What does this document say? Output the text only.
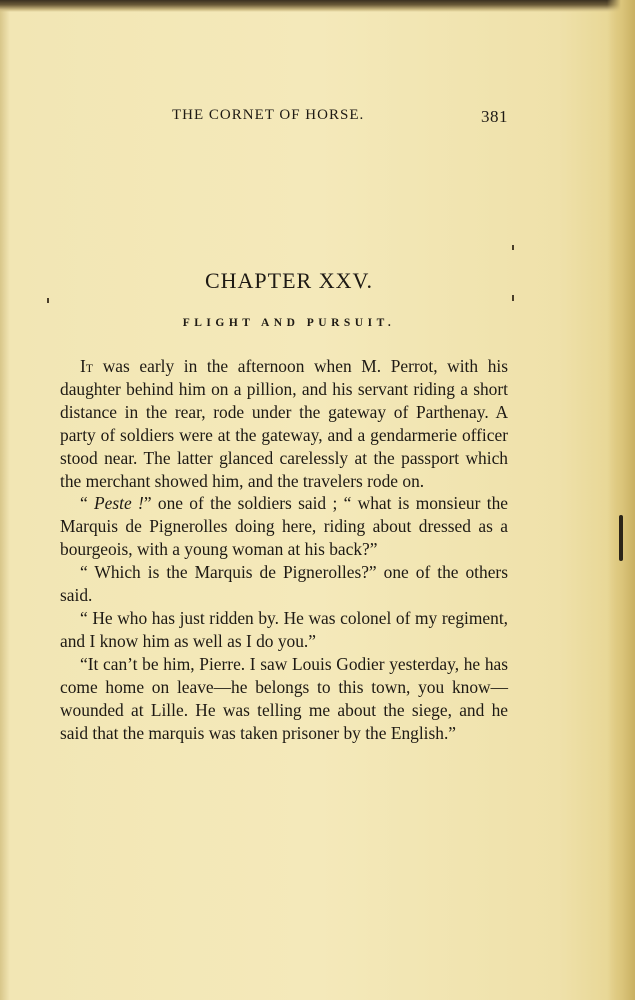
THE CORNET OF HORSE.	381
CHAPTER XXV.
FLIGHT AND PURSUIT.

It was early in the afternoon when M. Perrot, with his daughter behind him on a pillion, and his servant riding a short distance in the rear, rode under the gateway of Parthenay. A party of soldiers were at the gateway, and a gendarmerie officer stood near. The latter glanced carelessly at the passport which the merchant showed him, and the travelers rode on.

“ Peste !” one of the soldiers said ; “ what is monsieur the Marquis de Pignerolles doing here, riding about dressed as a bourgeois, with a young woman at his back?”

“ Which is the Marquis de Pignerolles?” one of the others said.

“ He who has just ridden by. He was colonel of my regiment, and I know him as well as I do you.”

“It can’t be him, Pierre. I saw Louis Godier yesterday, he has come home on leave—he belongs to this town, you know—wounded at Lille. He was telling me about the siege, and he said that the marquis was taken prisoner by the English.”
